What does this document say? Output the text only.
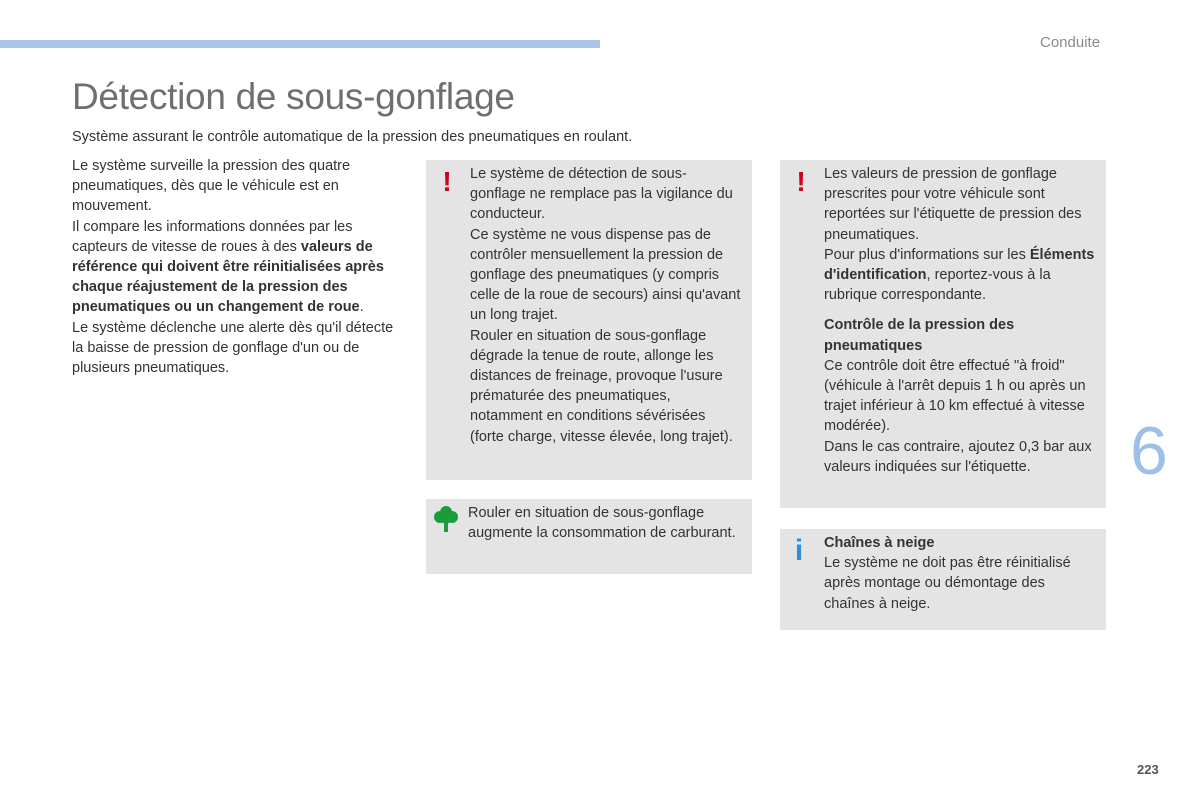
Conduite
Détection de sous-gonflage
Système assurant le contrôle automatique de la pression des pneumatiques en roulant.

Le système surveille la pression des quatre pneumatiques, dès que le véhicule est en mouvement.

Il compare les informations données par les capteurs de vitesse de roues à des valeurs de référence qui doivent être réinitialisées après chaque réajustement de la pression des pneumatiques ou un changement de roue.

Le système déclenche une alerte dès qu'il détecte la baisse de pression de gonflage d'un ou de plusieurs pneumatiques.

!	Le système de détection de sous-gonflage ne remplace pas la vigilance du conducteur.

Ce système ne vous dispense pas de contrôler mensuellement la pression de gonflage des pneumatiques (y compris celle de la roue de secours) ainsi qu'avant un long trajet.

Rouler en situation de sous-gonflage dégrade la tenue de route, allonge les distances de freinage, provoque l'usure prématurée des pneumatiques, notamment en conditions sévérisées (forte charge, vitesse élevée, long trajet).

Rouler en situation de sous-gonflage augmente la consommation de carburant.

!	Les valeurs de pression de gonflage prescrites pour votre véhicule sont reportées sur l'étiquette de pression des pneumatiques.

Pour plus d'informations sur les Éléments d'identification, reportez-vous à la rubrique correspondante.

Contrôle de la pression des pneumatiques

Ce contrôle doit être effectué "à froid" (véhicule à l'arrêt depuis 1 h ou après un trajet inférieur à 10 km effectué à vitesse modérée).

Dans le cas contraire, ajoutez 0,3 bar aux valeurs indiquées sur l'étiquette.

i	Chaînes à neige

Le système ne doit pas être réinitialisé après montage ou démontage des chaînes à neige.

6
223
